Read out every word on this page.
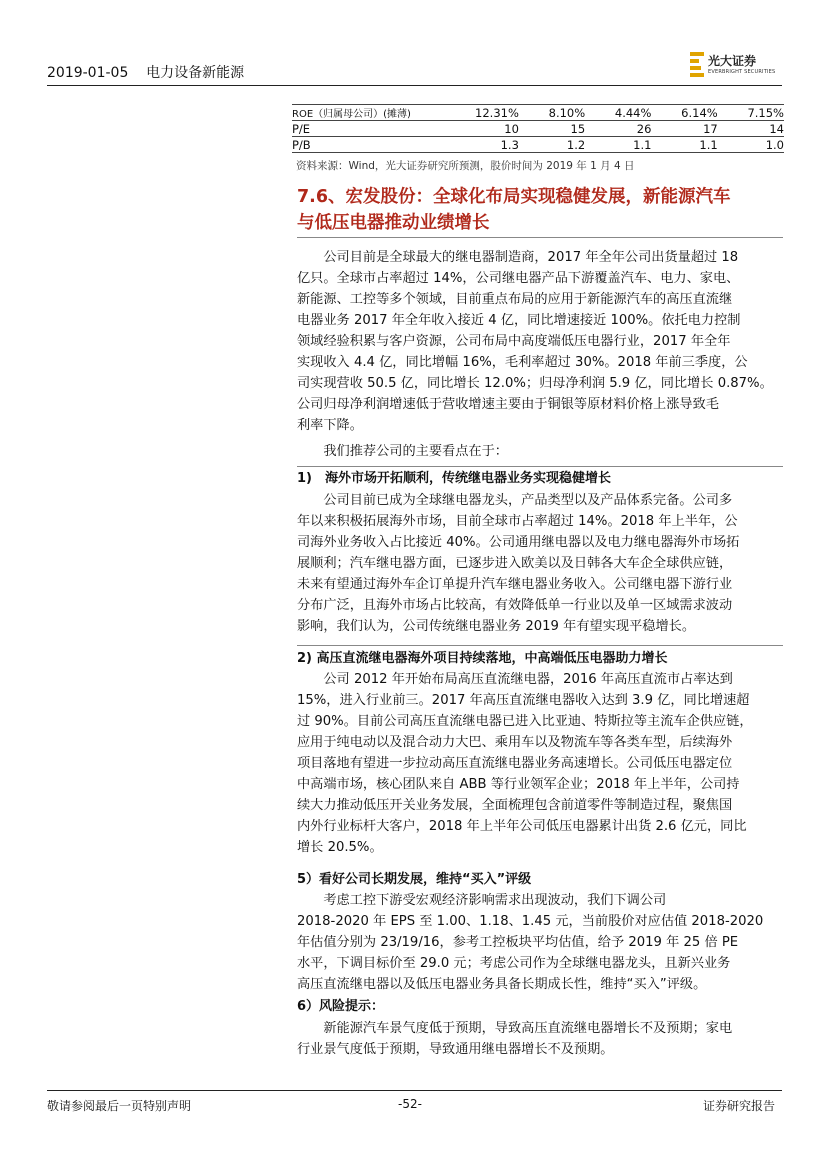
2019-01-05    电力设备新能源
光大证券
EVERBRIGHT SECURITIES
ROE（归属母公司）(摊薄)	12.31%	8.10%	4.44%	6.14%	7.15%
P/E	10	15	26	17	14
P/B	1.3	1.2	1.1	1.1	1.0
资料来源：Wind，光大证券研究所预测，股价时间为 2019 年 1 月 4 日
7.6、宏发股份：全球化布局实现稳健发展，新能源汽车
与低压电器推动业绩增长
　　公司目前是全球最大的继电器制造商，2017 年全年公司出货量超过 18
亿只。全球市占率超过 14%，公司继电器产品下游覆盖汽车、电力、家电、
新能源、工控等多个领域，目前重点布局的应用于新能源汽车的高压直流继
电器业务 2017 年全年收入接近 4 亿，同比增速接近 100%。依托电力控制
领域经验积累与客户资源，公司布局中高度端低压电器行业，2017 年全年
实现收入 4.4 亿，同比增幅 16%，毛利率超过 30%。2018 年前三季度，公
司实现营收 50.5 亿，同比增长 12.0%；归母净利润 5.9 亿，同比增长 0.87%。
公司归母净利润增速低于营收增速主要由于铜银等原材料价格上涨导致毛
利率下降。
　　我们推荐公司的主要看点在于：
1)　海外市场开拓顺利，传统继电器业务实现稳健增长
　　公司目前已成为全球继电器龙头，产品类型以及产品体系完备。公司多
年以来积极拓展海外市场，目前全球市占率超过 14%。2018 年上半年，公
司海外业务收入占比接近 40%。公司通用继电器以及电力继电器海外市场拓
展顺利；汽车继电器方面，已逐步进入欧美以及日韩各大车企全球供应链，
未来有望通过海外车企订单提升汽车继电器业务收入。公司继电器下游行业
分布广泛，且海外市场占比较高，有效降低单一行业以及单一区域需求波动
影响，我们认为，公司传统继电器业务 2019 年有望实现平稳增长。
2) 高压直流继电器海外项目持续落地，中高端低压电器助力增长
　　公司 2012 年开始布局高压直流继电器，2016 年高压直流市占率达到
15%，进入行业前三。2017 年高压直流继电器收入达到 3.9 亿，同比增速超
过 90%。目前公司高压直流继电器已进入比亚迪、特斯拉等主流车企供应链，
应用于纯电动以及混合动力大巴、乘用车以及物流车等各类车型，后续海外
项目落地有望进一步拉动高压直流继电器业务高速增长。公司低压电器定位
中高端市场，核心团队来自 ABB 等行业领军企业；2018 年上半年，公司持
续大力推动低压开关业务发展，全面梳理包含前道零件等制造过程，聚焦国
内外行业标杆大客户，2018 年上半年公司低压电器累计出货 2.6 亿元，同比
增长 20.5%。
5）看好公司长期发展，维持“买入”评级
　　考虑工控下游受宏观经济影响需求出现波动，我们下调公司
2018-2020 年 EPS 至 1.00、1.18、1.45 元，当前股价对应估值 2018-2020
年估值分别为 23/19/16，参考工控板块平均估值，给予 2019 年 25 倍 PE
水平，下调目标价至 29.0 元；考虑公司作为全球继电器龙头，且新兴业务
高压直流继电器以及低压电器业务具备长期成长性，维持“买入”评级。
6）风险提示：
　　新能源汽车景气度低于预期，导致高压直流继电器增长不及预期；家电
行业景气度低于预期，导致通用继电器增长不及预期。
敬请参阅最后一页特别声明	-52-	证券研究报告
